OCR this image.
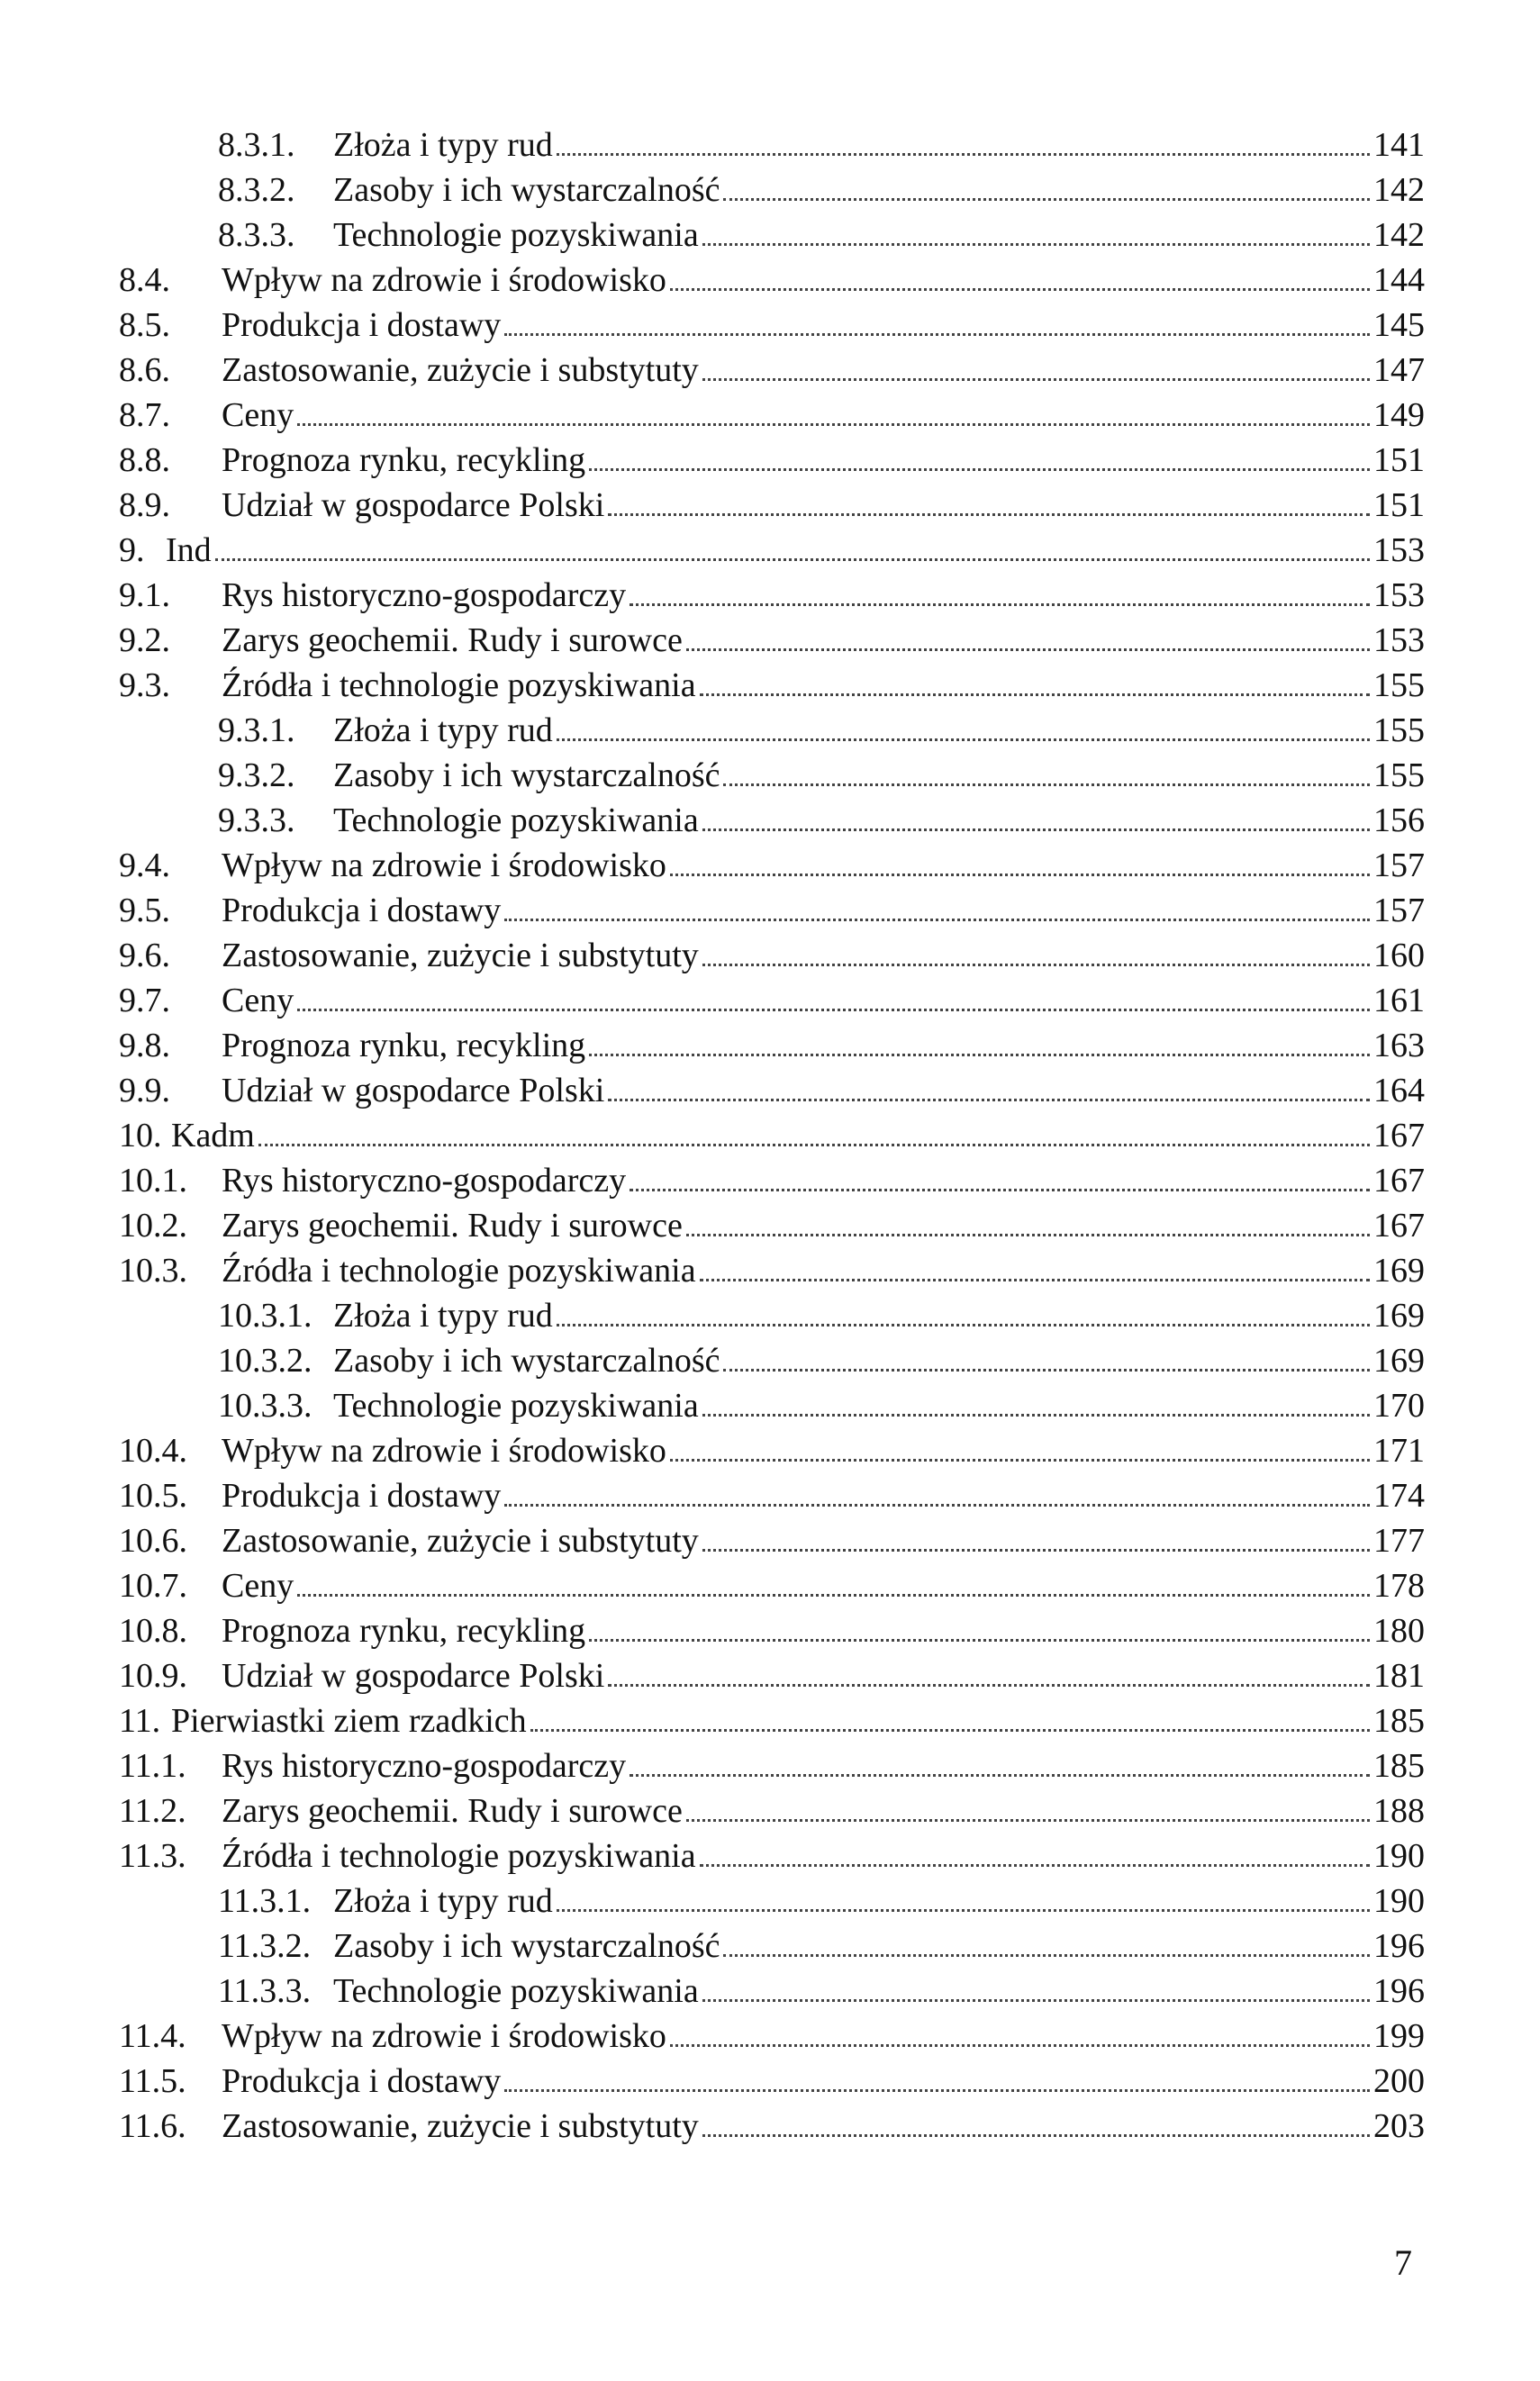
8.3.1.	Złoża i typy rud	141
8.3.2.	Zasoby i ich wystarczalność	142
8.3.3.	Technologie pozyskiwania	142
8.4.	Wpływ na zdrowie i środowisko	144
8.5.	Produkcja i dostawy	145
8.6.	Zastosowanie, zużycie i substytuty	147
8.7.	Ceny	149
8.8.	Prognoza rynku, recykling	151
8.9.	Udział w gospodarce Polski	151
9. Ind	153
9.1.	Rys historyczno-gospodarczy	153
9.2.	Zarys geochemii. Rudy i surowce	153
9.3.	Źródła i technologie pozyskiwania	155
9.3.1.	Złoża i typy rud	155
9.3.2.	Zasoby i ich wystarczalność	155
9.3.3.	Technologie pozyskiwania	156
9.4.	Wpływ na zdrowie i środowisko	157
9.5.	Produkcja i dostawy	157
9.6.	Zastosowanie, zużycie i substytuty	160
9.7.	Ceny	161
9.8.	Prognoza rynku, recykling	163
9.9.	Udział w gospodarce Polski	164
10. Kadm	167
10.1.	Rys historyczno-gospodarczy	167
10.2.	Zarys geochemii. Rudy i surowce	167
10.3.	Źródła i technologie pozyskiwania	169
10.3.1. Złoża i typy rud	169
10.3.2. Zasoby i ich wystarczalność	169
10.3.3. Technologie pozyskiwania	170
10.4.	Wpływ na zdrowie i środowisko	171
10.5.	Produkcja i dostawy	174
10.6.	Zastosowanie, zużycie i substytuty	177
10.7.	Ceny	178
10.8.	Prognoza rynku, recykling	180
10.9.	Udział w gospodarce Polski	181
11. Pierwiastki ziem rzadkich	185
11.1.	Rys historyczno-gospodarczy	185
11.2.	Zarys geochemii. Rudy i surowce	188
11.3.	Źródła i technologie pozyskiwania	190
11.3.1. Złoża i typy rud	190
11.3.2. Zasoby i ich wystarczalność	196
11.3.3. Technologie pozyskiwania	196
11.4.	Wpływ na zdrowie i środowisko	199
11.5.	Produkcja i dostawy	200
11.6.	Zastosowanie, zużycie i substytuty	203
7
